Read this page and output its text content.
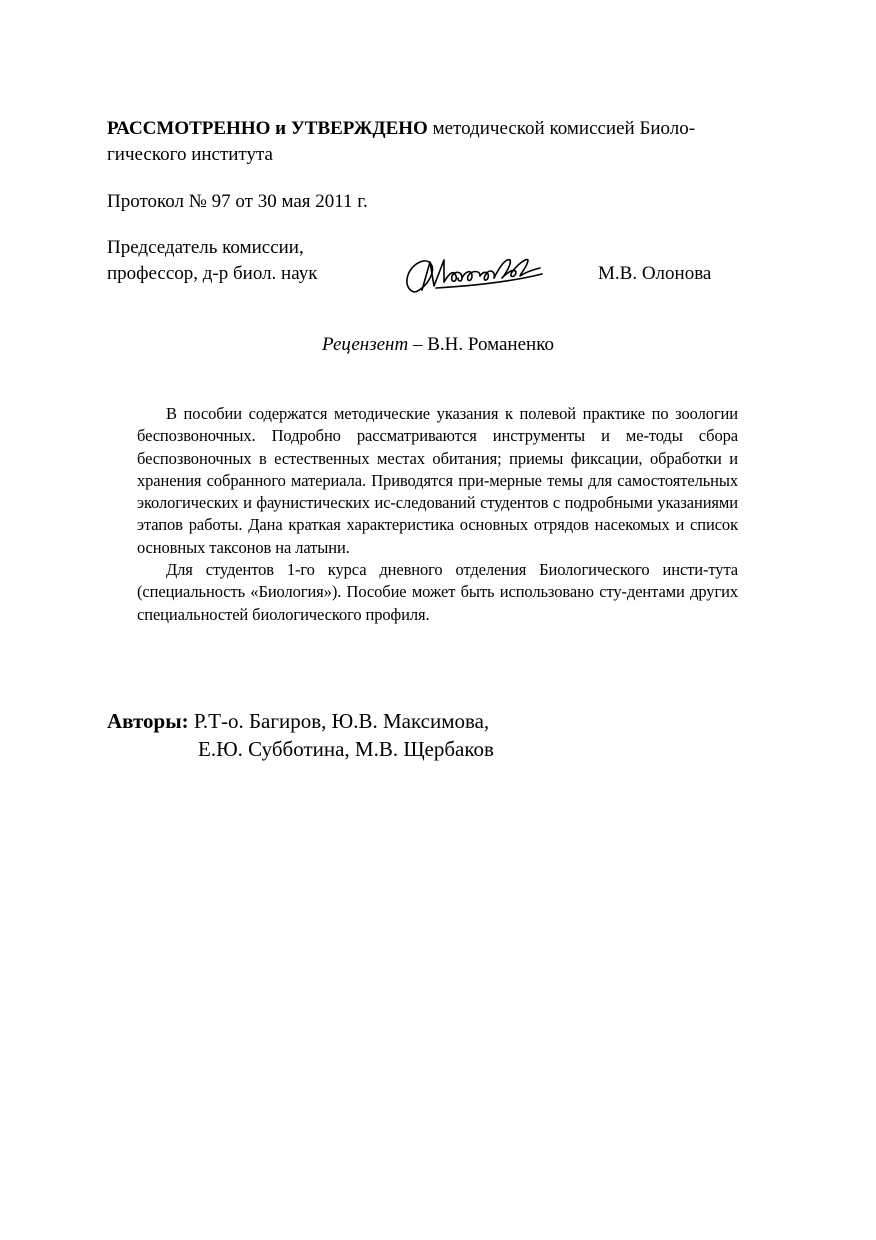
РАССМОТРЕННО и УТВЕРЖДЕНО методической комиссией Биоло-гического института
Протокол № 97 от 30 мая 2011 г.
Председатель комиссии,
профессор, д-р биол. наук	М.В. Олонова
Рецензент – В.Н. Романенко

В пособии содержатся методические указания к полевой практике по зоологии беспозвоночных. Подробно рассматриваются инструменты и ме-тоды сбора беспозвоночных в естественных местах обитания; приемы фиксации, обработки и хранения собранного материала. Приводятся при-мерные темы для самостоятельных экологических и фаунистических ис-следований студентов с подробными указаниями этапов работы. Дана краткая характеристика основных отрядов насекомых и список основных таксонов на латыни.

Для студентов 1-го курса дневного отделения Биологического инсти-тута (специальность «Биология»). Пособие может быть использовано сту-дентами других специальностей биологического профиля.

Авторы: Р.Т-о. Багиров, Ю.В. Максимова,
Е.Ю. Субботина, М.В. Щербаков
